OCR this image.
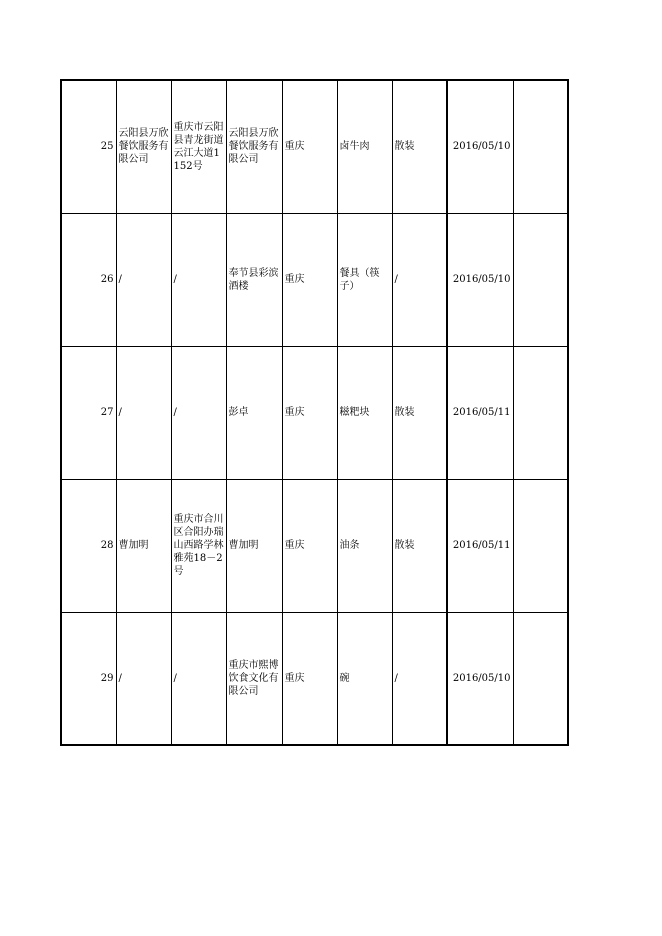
25	云阳县万欣餐饮服务有限公司	重庆市云阳县青龙街道云江大道1152号	云阳县万欣餐饮服务有限公司	重庆	卤牛肉	散装	2016/05/10	
26	/	/	奉节县彩滨酒楼	重庆	餐具（筷子）	/	2016/05/10	
27	/	/	彭卓	重庆	糍粑块	散装	2016/05/11	
28	曹加明	重庆市合川区合阳办瑞山西路学林雅苑18－2号	曹加明	重庆	油条	散装	2016/05/11	
29	/	/	重庆市熙博饮食文化有限公司	重庆	碗	/	2016/05/10	
